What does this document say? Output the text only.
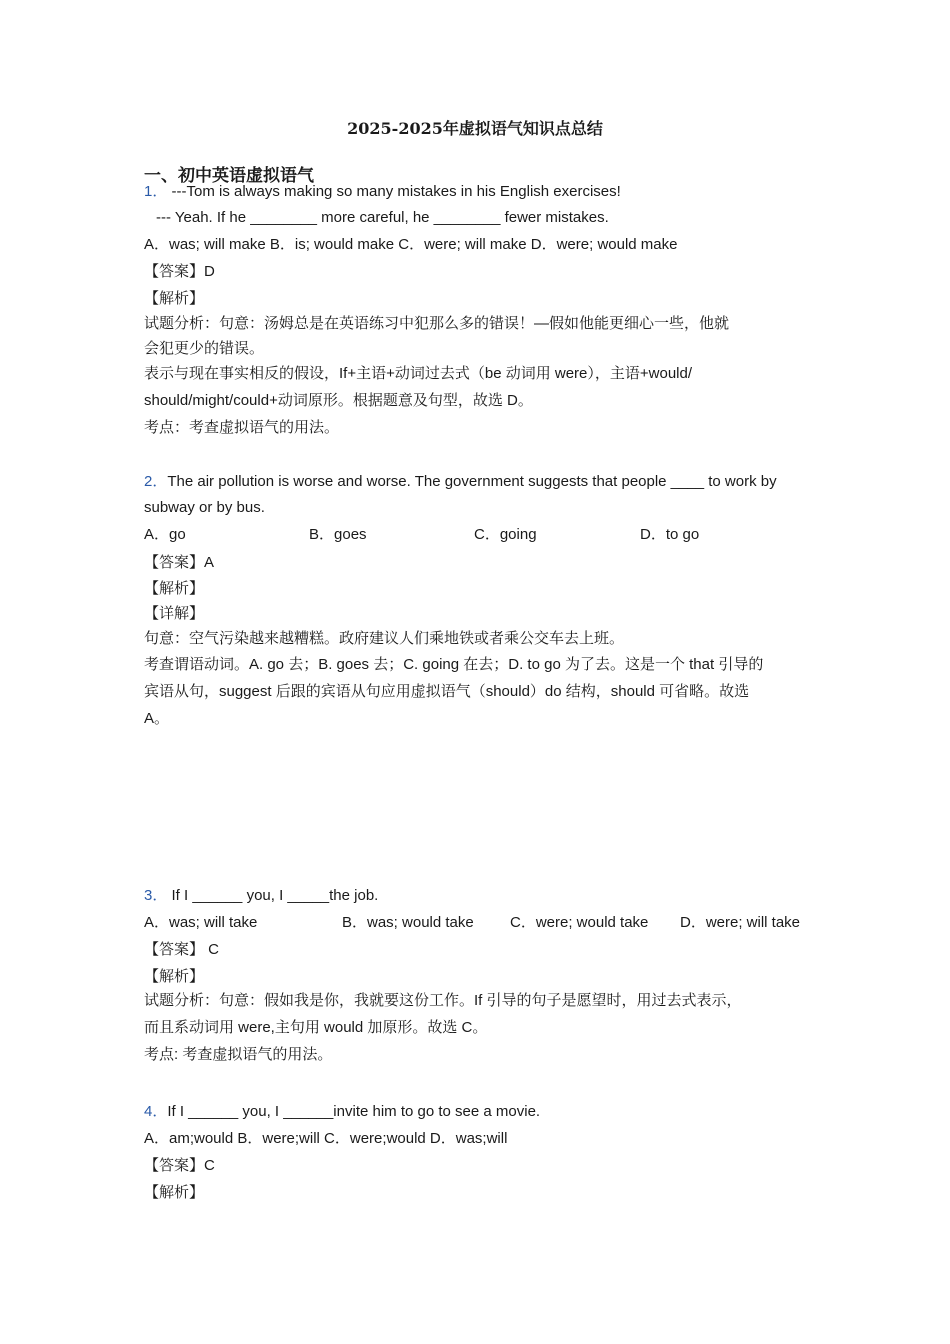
2025-2025年虚拟语气知识点总结
一、初中英语虚拟语气
1． ---Tom is always making so many mistakes in his English exercises!
--- Yeah. If he ________ more careful, he ________ fewer mistakes.
A．was; will make B．is; would make C．were; will make D．were; would make
【答案】D
【解析】
试题分析：句意：汤姆总是在英语练习中犯那么多的错误！—假如他能更细心一些，他就
会犯更少的错误。
表示与现在事实相反的假设，If+主语+动词过去式（be 动词用 were），主语+would/
should/might/could+动词原形。根据题意及句型，故选 D。
考点：考查虚拟语气的用法。
2．The air pollution is worse and worse. The government suggests that people ____ to work by
subway or by bus.
A．go	B．goes	C．going	D．to go
【答案】A
【解析】
【详解】
句意：空气污染越来越糟糕。政府建议人们乘地铁或者乘公交车去上班。
考查谓语动词。A. go 去；B. goes 去；C. going 在去；D. to go 为了去。这是一个 that 引导的
宾语从句，suggest 后跟的宾语从句应用虚拟语气（should）do 结构，should 可省略。故选
A。
3． If I ______ you, I _____the job.
A．was; will take	B．was; would take C．were; would take D．were; will take
【答案】 C
【解析】
试题分析：句意：假如我是你，我就要这份工作。If 引导的句子是愿望时，用过去式表示，
而且系动词用 were,主句用 would 加原形。故选 C。
考点: 考查虚拟语气的用法。
4．If I ______ you, I ______invite him to go to see a movie.
A．am;would B．were;will C．were;would D．was;will
【答案】C
【解析】
